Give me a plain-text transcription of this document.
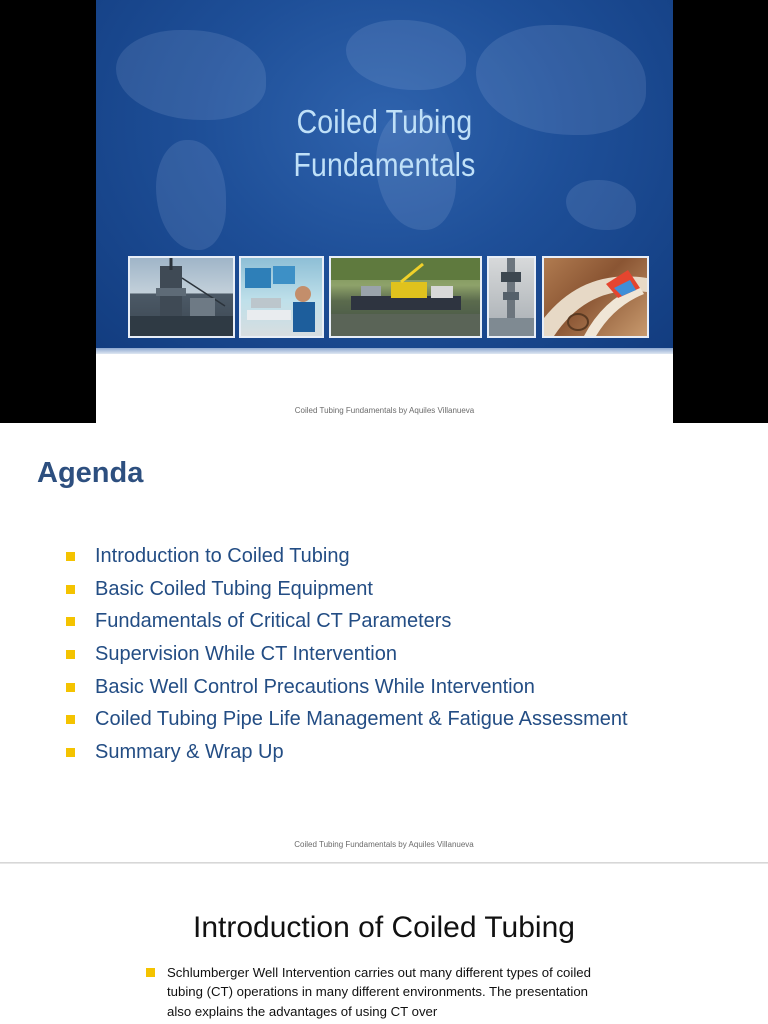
Coiled Tubing
Fundamentals
Coiled Tubing Fundamentals by Aquiles Villanueva
Agenda
Introduction to Coiled Tubing
Basic Coiled Tubing Equipment
Fundamentals of Critical CT Parameters
Supervision While CT Intervention
Basic Well Control Precautions While Intervention
Coiled Tubing Pipe Life Management & Fatigue Assessment
Summary & Wrap Up
Coiled Tubing Fundamentals by Aquiles Villanueva
Introduction of Coiled Tubing

Schlumberger Well Intervention carries out many different types of coiled tubing (CT) operations in many different environments. The presentation also explains the advantages of using CT over
